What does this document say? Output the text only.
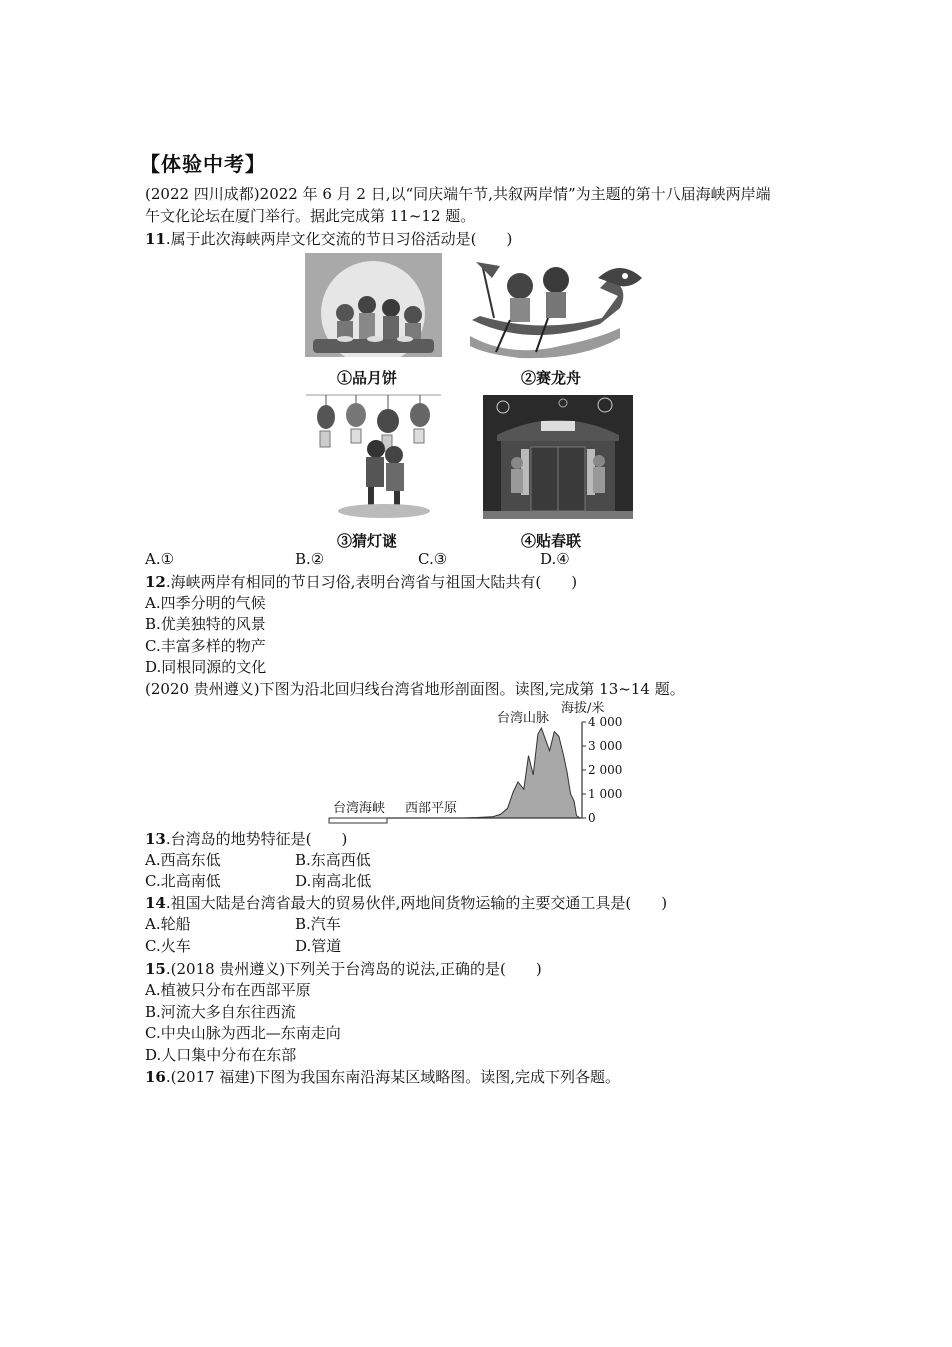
【体验中考】
(2022 四川成都)2022 年 6 月 2 日,以“同庆端午节,共叙两岸情”为主题的第十八届海峡两岸端
午文化论坛在厦门举行。据此完成第 11~12 题。
11.属于此次海峡两岸文化交流的节日习俗活动是(　　)
①品月饼	②赛龙舟
③猜灯谜	④贴春联
A.①	B.②	C.③	D.④
12.海峡两岸有相同的节日习俗,表明台湾省与祖国大陆共有(　　)
A.四季分明的气候
B.优美独特的风景
C.丰富多样的物产
D.同根同源的文化
(2020 贵州遵义)下图为沿北回归线台湾省地形剖面图。读图,完成第 13~14 题。
4 000
3 000
2 000
1 000
0
海拔/米
台湾山脉
台湾海峡 西部平原
13.台湾岛的地势特征是(　　)
A.西高东低	B.东高西低
C.北高南低	D.南高北低
14.祖国大陆是台湾省最大的贸易伙伴,两地间货物运输的主要交通工具是(　　)
A.轮船	B.汽车
C.火车	D.管道
15.(2018 贵州遵义)下列关于台湾岛的说法,正确的是(　　)
A.植被只分布在西部平原
B.河流大多自东往西流
C.中央山脉为西北—东南走向
D.人口集中分布在东部
16.(2017 福建)下图为我国东南沿海某区域略图。读图,完成下列各题。
